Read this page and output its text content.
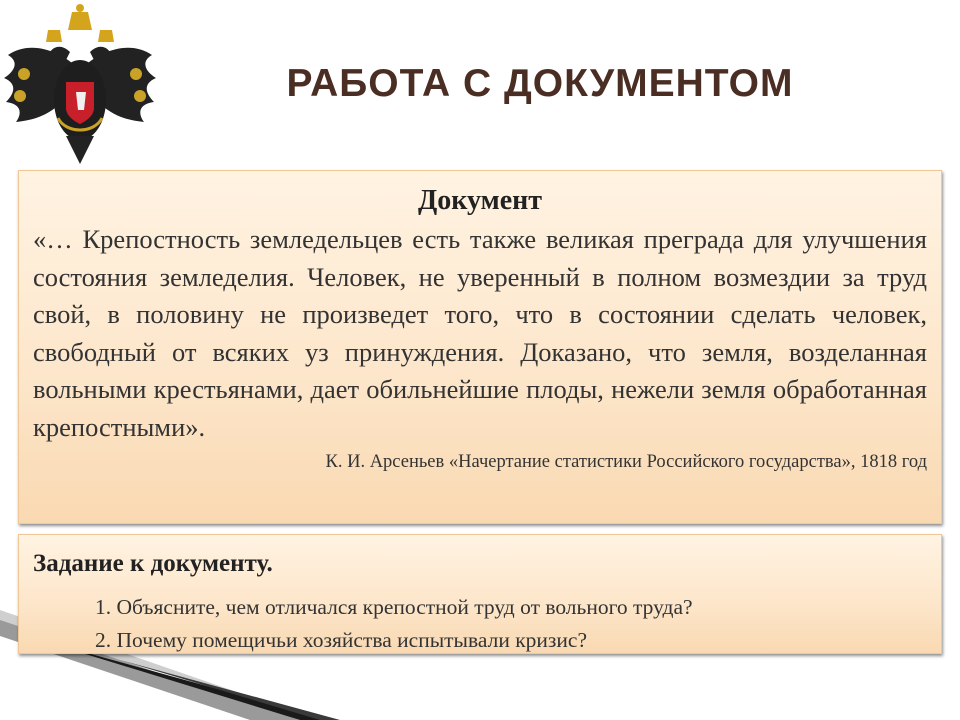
РАБОТА С ДОКУМЕНТОМ
Документ

«… Крепостность земледельцев есть также великая преграда для улучшения состояния земледелия. Человек, не уверенный в полном возмездии за труд свой, в половину не произведет того, что в состоянии сделать человек, свободный от всяких уз принуждения. Доказано, что земля, возделанная вольными крестьянами, дает обильнейшие плоды, нежели земля обработанная крепостными».

К. И. Арсеньев «Начертание статистики Российского государства», 1818 год
Задание к документу.
1. Объясните, чем отличался крепостной труд от вольного труда?
2. Почему помещичьи хозяйства испытывали кризис?
